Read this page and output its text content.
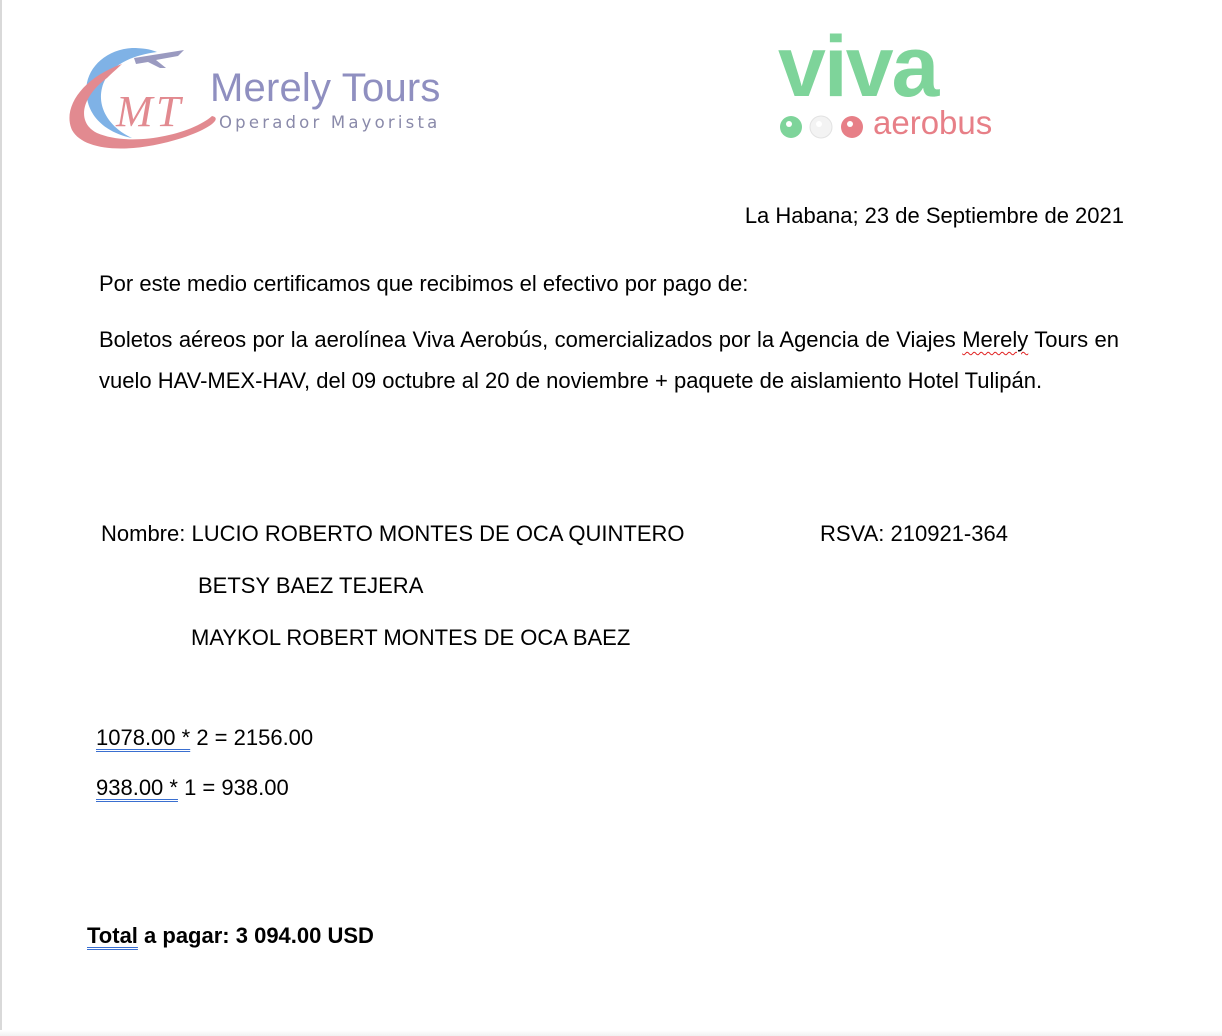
M T Merely Tours
Operador Mayorista
viva
aerobus
La Habana; 23 de Septiembre de 2021
Por este medio certificamos que recibimos el efectivo por pago de:
Boletos aéreos por la aerolínea Viva Aerobús, comercializados por la Agencia de Viajes Merely Tours en vuelo HAV-MEX-HAV, del 09 octubre al 20 de noviembre + paquete de aislamiento Hotel Tulipán.
Nombre: LUCIO ROBERTO MONTES DE OCA QUINTERO	RSVA: 210921-364
BETSY BAEZ TEJERA
MAYKOL ROBERT MONTES DE OCA BAEZ
1078.00 * 2 = 2156.00
938.00 * 1 = 938.00
Total a pagar: 3 094.00 USD
